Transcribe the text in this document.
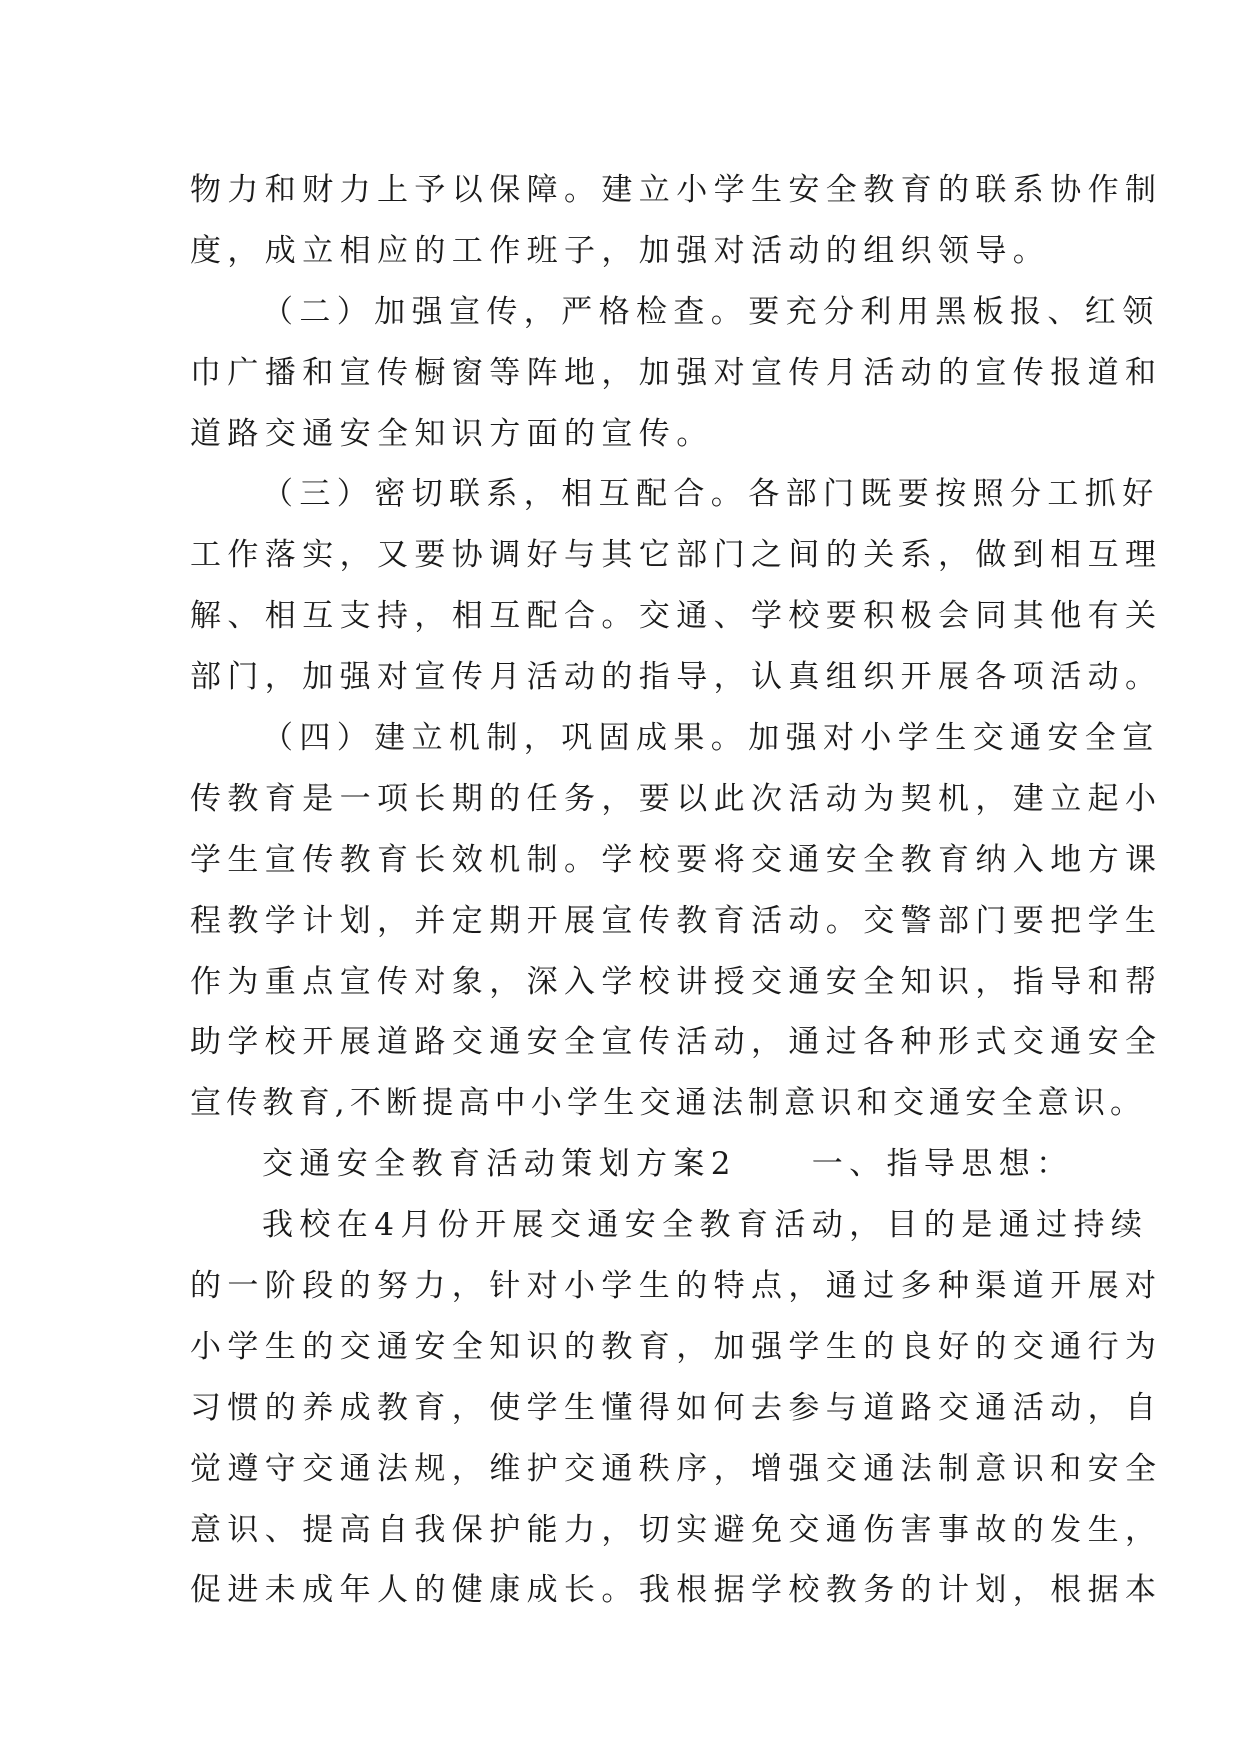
物力和财力上予以保障。建立小学生安全教育的联系协作制
度，成立相应的工作班子，加强对活动的组织领导。
（二）加强宣传，严格检查。要充分利用黑板报、红领
巾广播和宣传橱窗等阵地，加强对宣传月活动的宣传报道和
道路交通安全知识方面的宣传。
（三）密切联系，相互配合。各部门既要按照分工抓好
工作落实，又要协调好与其它部门之间的关系，做到相互理
解、相互支持，相互配合。交通、学校要积极会同其他有关
部门，加强对宣传月活动的指导，认真组织开展各项活动。
（四）建立机制，巩固成果。加强对小学生交通安全宣
传教育是一项长期的任务，要以此次活动为契机，建立起小
学生宣传教育长效机制。学校要将交通安全教育纳入地方课
程教学计划，并定期开展宣传教育活动。交警部门要把学生
作为重点宣传对象，深入学校讲授交通安全知识，指导和帮
助学校开展道路交通安全宣传活动，通过各种形式交通安全
宣传教育,不断提高中小学生交通法制意识和交通安全意识。
交通安全教育活动策划方案2　　一、指导思想：
我校在4月份开展交通安全教育活动，目的是通过持续
的一阶段的努力，针对小学生的特点，通过多种渠道开展对
小学生的交通安全知识的教育，加强学生的良好的交通行为
习惯的养成教育，使学生懂得如何去参与道路交通活动，自
觉遵守交通法规，维护交通秩序，增强交通法制意识和安全
意识、提高自我保护能力，切实避免交通伤害事故的发生，
促进未成年人的健康成长。我根据学校教务的计划，根据本
